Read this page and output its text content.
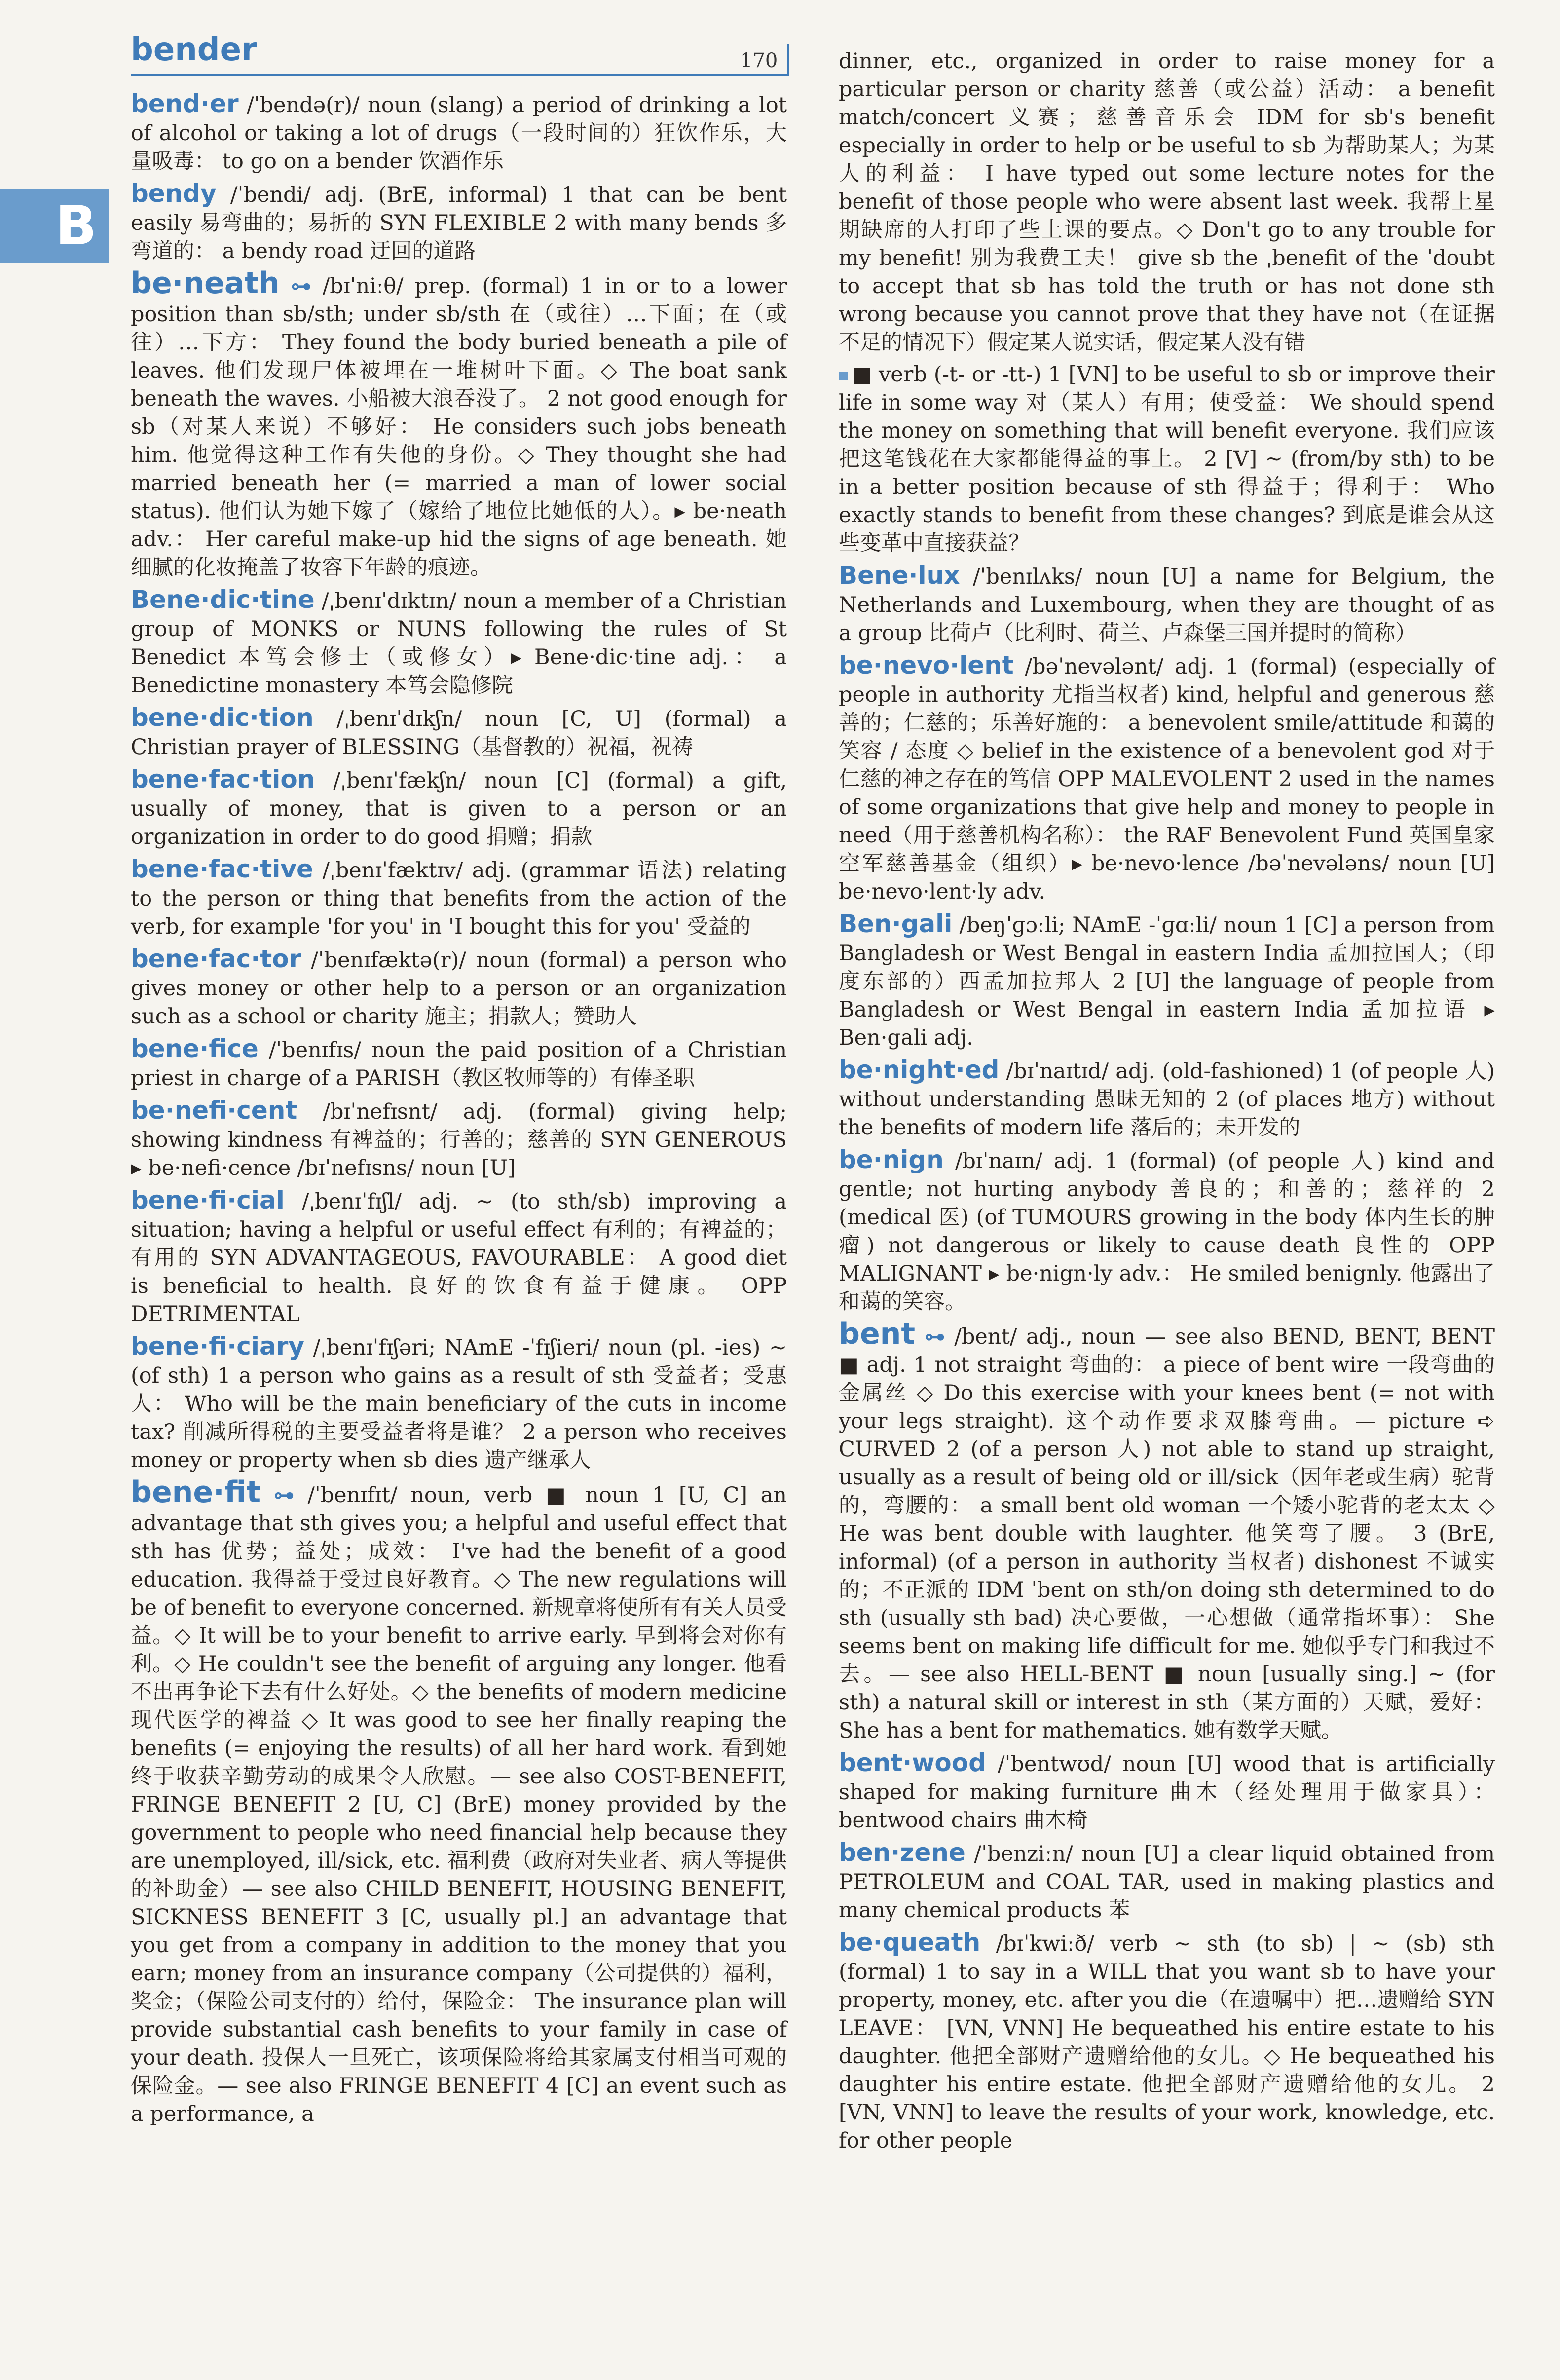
bender	170
B

bend·er /ˈbendə(r)/ noun (slang) a period of drinking a lot of alcohol or taking a lot of drugs（一段时间的）狂饮作乐，大量吸毒： to go on a bender 饮酒作乐

bendy /ˈbendi/ adj. (BrE, informal) 1 that can be bent easily 易弯曲的；易折的 SYN FLEXIBLE 2 with many bends 多弯道的： a bendy road 迂回的道路

be·neath ⊶ /bɪˈniːθ/ prep. (formal) 1 in or to a lower position than sb/sth; under sb/sth 在（或往）…下面；在（或往）…下方： They found the body buried beneath a pile of leaves. 他们发现尸体被埋在一堆树叶下面。◇ The boat sank beneath the waves. 小船被大浪吞没了。 2 not good enough for sb（对某人来说）不够好： He considers such jobs beneath him. 他觉得这种工作有失他的身份。◇ They thought she had married beneath her (= married a man of lower social status). 他们认为她下嫁了（嫁给了地位比她低的人）。▸ be·neath adv.： Her careful make-up hid the signs of age beneath. 她细腻的化妆掩盖了妆容下年龄的痕迹。

Bene·dic·tine /ˌbenɪˈdɪktɪn/ noun a member of a Christian group of MONKS or NUNS following the rules of St Benedict 本笃会修士（或修女）▸ Bene·dic·tine adj.： a Benedictine monastery 本笃会隐修院

bene·dic·tion /ˌbenɪˈdɪkʃn/ noun [C, U] (formal) a Christian prayer of BLESSING（基督教的）祝福，祝祷

bene·fac·tion /ˌbenɪˈfækʃn/ noun [C] (formal) a gift, usually of money, that is given to a person or an organization in order to do good 捐赠；捐款

bene·fac·tive /ˌbenɪˈfæktɪv/ adj. (grammar 语法) relating to the person or thing that benefits from the action of the verb, for example 'for you' in 'I bought this for you' 受益的

bene·fac·tor /ˈbenɪfæktə(r)/ noun (formal) a person who gives money or other help to a person or an organization such as a school or charity 施主；捐款人；赞助人

bene·fice /ˈbenɪfɪs/ noun the paid position of a Christian priest in charge of a PARISH（教区牧师等的）有俸圣职

be·nefi·cent /bɪˈnefɪsnt/ adj. (formal) giving help; showing kindness 有裨益的；行善的；慈善的 SYN GENEROUS ▸ be·nefi·cence /bɪˈnefɪsns/ noun [U]

bene·fi·cial /ˌbenɪˈfɪʃl/ adj. ~ (to sth/sb) improving a situation; having a helpful or useful effect 有利的；有裨益的；有用的 SYN ADVANTAGEOUS, FAVOURABLE： A good diet is beneficial to health. 良好的饮食有益于健康。 OPP DETRIMENTAL

bene·fi·ciary /ˌbenɪˈfɪʃəri; NAmE -ˈfɪʃieri/ noun (pl. -ies) ~ (of sth) 1 a person who gains as a result of sth 受益者；受惠人： Who will be the main beneficiary of the cuts in income tax? 削减所得税的主要受益者将是谁？ 2 a person who receives money or property when sb dies 遗产继承人

bene·fit ⊶ /ˈbenɪfɪt/ noun, verb ■ noun 1 [U, C] an advantage that sth gives you; a helpful and useful effect that sth has 优势；益处；成效： I've had the benefit of a good education. 我得益于受过良好教育。◇ The new regulations will be of benefit to everyone concerned. 新规章将使所有有关人员受益。◇ It will be to your benefit to arrive early. 早到将会对你有利。◇ He couldn't see the benefit of arguing any longer. 他看不出再争论下去有什么好处。◇ the benefits of modern medicine 现代医学的裨益 ◇ It was good to see her finally reaping the benefits (= enjoying the results) of all her hard work. 看到她终于收获辛勤劳动的成果令人欣慰。— see also COST-BENEFIT, FRINGE BENEFIT 2 [U, C] (BrE) money provided by the government to people who need financial help because they are unemployed, ill/sick, etc. 福利费（政府对失业者、病人等提供的补助金）— see also CHILD BENEFIT, HOUSING BENEFIT, SICKNESS BENEFIT 3 [C, usually pl.] an advantage that you get from a company in addition to the money that you earn; money from an insurance company（公司提供的）福利，奖金；（保险公司支付的）给付，保险金： The insurance plan will provide substantial cash benefits to your family in case of your death. 投保人一旦死亡，该项保险将给其家属支付相当可观的保险金。— see also FRINGE BENEFIT 4 [C] an event such as a performance, a

dinner, etc., organized in order to raise money for a particular person or charity 慈善（或公益）活动： a benefit match/concert 义赛；慈善音乐会 IDM for sb's benefit especially in order to help or be useful to sb 为帮助某人；为某人的利益： I have typed out some lecture notes for the benefit of those people who were absent last week. 我帮上星期缺席的人打印了些上课的要点。◇ Don't go to any trouble for my benefit! 别为我费工夫！ give sb the ˌbenefit of the ˈdoubt to accept that sb has told the truth or has not done sth wrong because you cannot prove that they have not（在证据不足的情况下）假定某人说实话，假定某人没有错

■ verb (-t- or -tt-) 1 [VN] to be useful to sb or improve their life in some way 对（某人）有用；使受益： We should spend the money on something that will benefit everyone. 我们应该把这笔钱花在大家都能得益的事上。 2 [V] ~ (from/by sth) to be in a better position because of sth 得益于；得利于： Who exactly stands to benefit from these changes? 到底是谁会从这些变革中直接获益？

Bene·lux /ˈbenɪlʌks/ noun [U] a name for Belgium, the Netherlands and Luxembourg, when they are thought of as a group 比荷卢（比利时、荷兰、卢森堡三国并提时的简称）

be·nevo·lent /bəˈnevələnt/ adj. 1 (formal) (especially of people in authority 尤指当权者) kind, helpful and generous 慈善的；仁慈的；乐善好施的： a benevolent smile/attitude 和蔼的笑容 / 态度 ◇ belief in the existence of a benevolent god 对于仁慈的神之存在的笃信 OPP MALEVOLENT 2 used in the names of some organizations that give help and money to people in need（用于慈善机构名称）： the RAF Benevolent Fund 英国皇家空军慈善基金（组织）▸ be·nevo·lence /bəˈnevələns/ noun [U] be·nevo·lent·ly adv.

Ben·gali /beŋˈɡɔːli; NAmE -ˈɡɑːli/ noun 1 [C] a person from Bangladesh or West Bengal in eastern India 孟加拉国人；（印度东部的）西孟加拉邦人 2 [U] the language of people from Bangladesh or West Bengal in eastern India 孟加拉语 ▸ Ben·gali adj.

be·night·ed /bɪˈnaɪtɪd/ adj. (old-fashioned) 1 (of people 人) without understanding 愚昧无知的 2 (of places 地方) without the benefits of modern life 落后的；未开发的

be·nign /bɪˈnaɪn/ adj. 1 (formal) (of people 人) kind and gentle; not hurting anybody 善良的；和善的；慈祥的 2 (medical 医) (of TUMOURS growing in the body 体内生长的肿瘤) not dangerous or likely to cause death 良性的 OPP MALIGNANT ▸ be·nign·ly adv.： He smiled benignly. 他露出了和蔼的笑容。

bent ⊶ /bent/ adj., noun — see also BEND, BENT, BENT ■ adj. 1 not straight 弯曲的： a piece of bent wire 一段弯曲的金属丝 ◇ Do this exercise with your knees bent (= not with your legs straight). 这个动作要求双膝弯曲。— picture ➪ CURVED 2 (of a person 人) not able to stand up straight, usually as a result of being old or ill/sick（因年老或生病）驼背的，弯腰的： a small bent old woman 一个矮小驼背的老太太 ◇ He was bent double with laughter. 他笑弯了腰。 3 (BrE, informal) (of a person in authority 当权者) dishonest 不诚实的；不正派的 IDM ˈbent on sth/on doing sth determined to do sth (usually sth bad) 决心要做，一心想做（通常指坏事）： She seems bent on making life difficult for me. 她似乎专门和我过不去。— see also HELL-BENT ■ noun [usually sing.] ~ (for sth) a natural skill or interest in sth（某方面的）天赋，爱好： She has a bent for mathematics. 她有数学天赋。

bent·wood /ˈbentwʊd/ noun [U] wood that is artificially shaped for making furniture 曲木（经处理用于做家具）： bentwood chairs 曲木椅

ben·zene /ˈbenziːn/ noun [U] a clear liquid obtained from PETROLEUM and COAL TAR, used in making plastics and many chemical products 苯

be·queath /bɪˈkwiːð/ verb ~ sth (to sb) | ~ (sb) sth (formal) 1 to say in a WILL that you want sb to have your property, money, etc. after you die（在遗嘱中）把…遗赠给 SYN LEAVE： [VN, VNN] He bequeathed his entire estate to his daughter. 他把全部财产遗赠给他的女儿。◇ He bequeathed his daughter his entire estate. 他把全部财产遗赠给他的女儿。 2 [VN, VNN] to leave the results of your work, knowledge, etc. for other people
